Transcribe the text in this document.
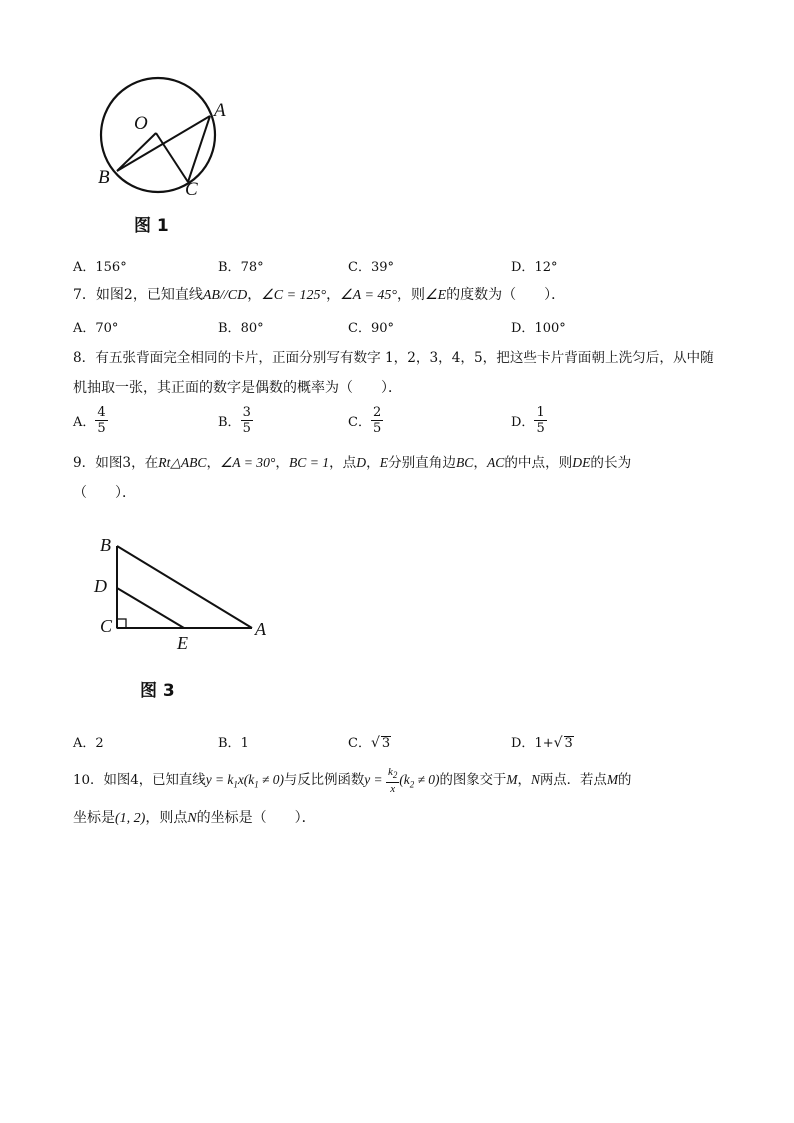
O
A
B
C
图 1
A．156°	B．78°	C．39°	D．12°
7．如图2，已知直线AB//CD，∠C = 125°，∠A = 45°，则∠E的度数为（　　）．
A．70°	B．80°	C．90°	D．100°
8．有五张背面完全相同的卡片，正面分别写有数字 1，2，3，4，5，把这些卡片背面朝上洗匀后，从中随
机抽取一张，其正面的数字是偶数的概率为（　　）．
A． $\frac{4}{5}$	B． $\frac{3}{5}$	C． $\frac{2}{5}$	D． $\frac{1}{5}$
9．如图3，在Rt△ABC，∠A = 30°，BC = 1，点D，E分别直角边BC，AC的中点，则DE的长为
（　　）．
B
D
C
E
A
图 3
A．2	B．1	C．√ 3	D．1+√ 3
10．如图4，已知直线$y = k_1x(k_1 \ne 0)$与反比例函数$y = \frac{k_2}{x} (k_2 \ne 0)$的图象交于M，N两点．若点M的
坐标是(1, 2)，则点N的坐标是（　　）．
